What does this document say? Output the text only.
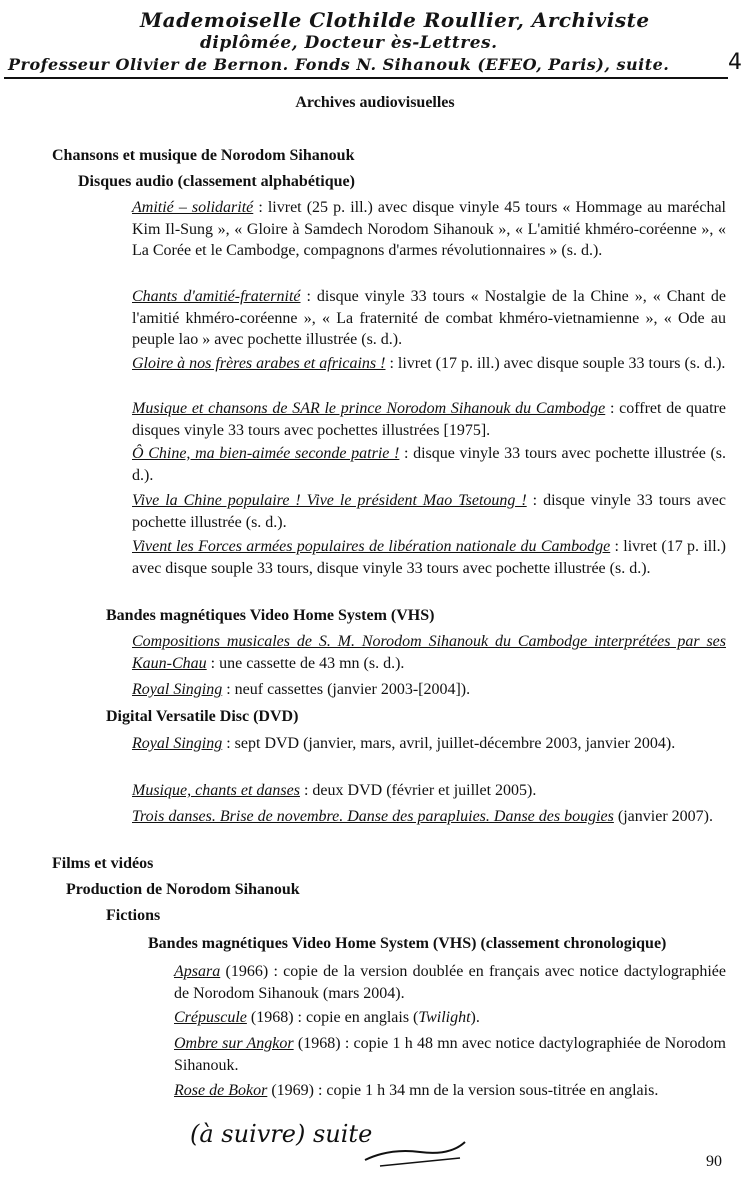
Mademoiselle Clothilde Roullier, Archiviste
diplômée, Docteur ès-Lettres.
Professeur Olivier de Bernon. Fonds N. Sihanouk (EFEO, Paris), suite.	4
Archives audiovisuelles
Chansons et musique de Norodom Sihanouk
Disques audio (classement alphabétique)
Amitié – solidarité : livret (25 p. ill.) avec disque vinyle 45 tours « Hommage au maréchal Kim Il-Sung », « Gloire à Samdech Norodom Sihanouk », « L'amitié khméro-coréenne », « La Corée et le Cambodge, compagnons d'armes révolutionnaires » (s. d.).
Chants d'amitié-fraternité : disque vinyle 33 tours « Nostalgie de la Chine », « Chant de l'amitié khméro-coréenne », « La fraternité de combat khméro-vietnamienne », « Ode au peuple lao » avec pochette illustrée (s. d.).
Gloire à nos frères arabes et africains ! : livret (17 p. ill.) avec disque souple 33 tours (s. d.).
Musique et chansons de SAR le prince Norodom Sihanouk du Cambodge : coffret de quatre disques vinyle 33 tours avec pochettes illustrées [1975].
Ô Chine, ma bien-aimée seconde patrie ! : disque vinyle 33 tours avec pochette illustrée (s. d.).
Vive la Chine populaire ! Vive le président Mao Tsetoung ! : disque vinyle 33 tours avec pochette illustrée (s. d.).
Vivent les Forces armées populaires de libération nationale du Cambodge : livret (17 p. ill.) avec disque souple 33 tours, disque vinyle 33 tours avec pochette illustrée (s. d.).
Bandes magnétiques Video Home System (VHS)
Compositions musicales de S. M. Norodom Sihanouk du Cambodge interprétées par ses Kaun-Chau : une cassette de 43 mn (s. d.).
Royal Singing : neuf cassettes (janvier 2003-[2004]).
Digital Versatile Disc (DVD)
Royal Singing : sept DVD (janvier, mars, avril, juillet-décembre 2003, janvier 2004).
Musique, chants et danses : deux DVD (février et juillet 2005).
Trois danses. Brise de novembre. Danse des parapluies. Danse des bougies (janvier 2007).
Films et vidéos
Production de Norodom Sihanouk
Fictions
Bandes magnétiques Video Home System (VHS) (classement chronologique)
Apsara (1966) : copie de la version doublée en français avec notice dactylographiée de Norodom Sihanouk (mars 2004).
Crépuscule (1968) : copie en anglais (Twilight).
Ombre sur Angkor (1968) : copie 1 h 48 mn avec notice dactylographiée de Norodom Sihanouk.
Rose de Bokor (1969) : copie 1 h 34 mn de la version sous-titrée en anglais.
(à suivre) suite
90
